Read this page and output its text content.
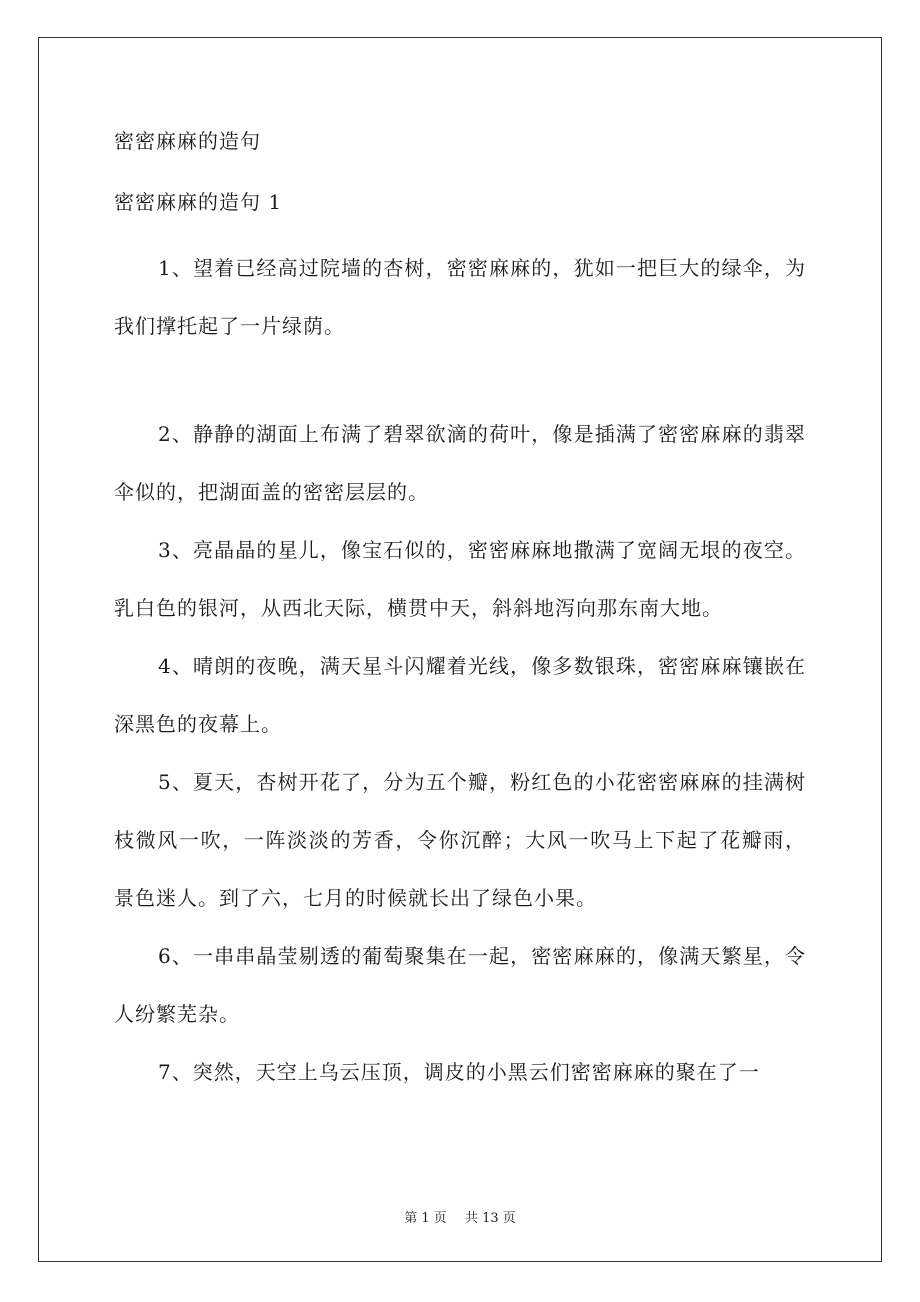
密密麻麻的造句
密密麻麻的造句 1

1、望着已经高过院墙的杏树，密密麻麻的，犹如一把巨大的绿伞，为我们撑托起了一片绿荫。

2、静静的湖面上布满了碧翠欲滴的荷叶，像是插满了密密麻麻的翡翠伞似的，把湖面盖的密密层层的。

3、亮晶晶的星儿，像宝石似的，密密麻麻地撒满了宽阔无垠的夜空。乳白色的银河，从西北天际，横贯中天，斜斜地泻向那东南大地。

4、晴朗的夜晚，满天星斗闪耀着光线，像多数银珠，密密麻麻镶嵌在深黑色的夜幕上。

5、夏天，杏树开花了，分为五个瓣，粉红色的小花密密麻麻的挂满树枝微风一吹，一阵淡淡的芳香，令你沉醉；大风一吹马上下起了花瓣雨，景色迷人。到了六，七月的时候就长出了绿色小果。

6、一串串晶莹剔透的葡萄聚集在一起，密密麻麻的，像满天繁星，令人纷繁芜杂。

7、突然，天空上乌云压顶，调皮的小黑云们密密麻麻的聚在了一

第 1 页 共 13 页
